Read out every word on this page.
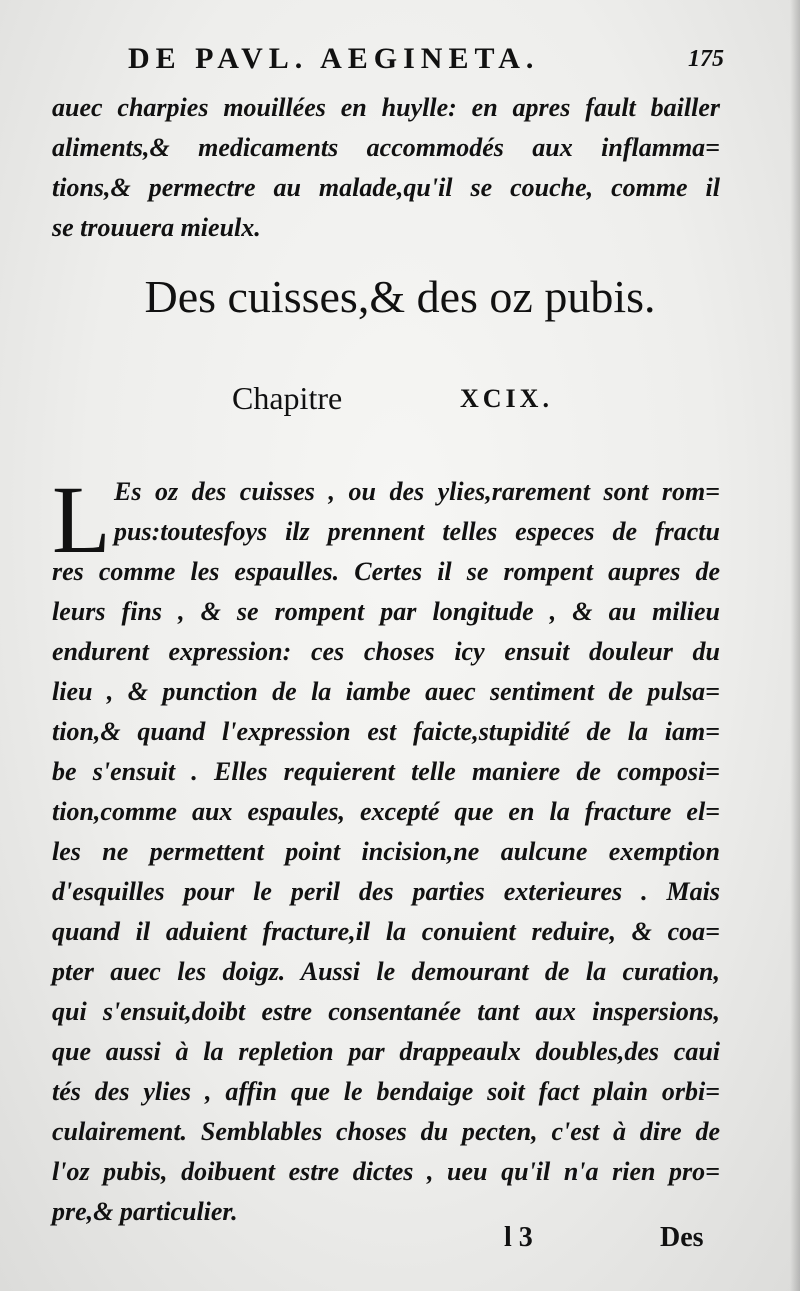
DE PAVL. AEGINETA.	175
auec charpies mouillées en huylle: en apres fault bailler
aliments,& medicaments accommodés aux inflamma=
tions,& permectre au malade,qu'il se couche, comme il
se trouuera mieulx.
Des cuisses,& des oz pubis.
Chapitre	XCIX.
L Es oz des cuisses , ou des ylies,rarement sont rom=
pus:toutesfoys ilz prennent telles especes de fractu
res comme les espaulles. Certes il se rompent aupres de
leurs fins , & se rompent par longitude , & au milieu
endurent expression: ces choses icy ensuit douleur du
lieu , & punction de la iambe auec sentiment de pulsa=
tion,& quand l'expression est faicte,stupidité de la iam=
be s'ensuit . Elles requierent telle maniere de composi=
tion,comme aux espaules, excepté que en la fracture el=
les ne permettent point incision,ne aulcune exemption
d'esquilles pour le peril des parties exterieures . Mais
quand il aduient fracture,il la conuient reduire, & coa=
pter auec les doigz. Aussi le demourant de la curation,
qui s'ensuit,doibt estre consentanée tant aux inspersions,
que aussi à la repletion par drappeaulx doubles,des caui
tés des ylies , affin que le bendaige soit fact plain orbi=
culairement. Semblables choses du pecten, c'est à dire de
l'oz pubis, doibuent estre dictes , ueu qu'il n'a rien pro=
pre,& particulier.
l 3	Des
